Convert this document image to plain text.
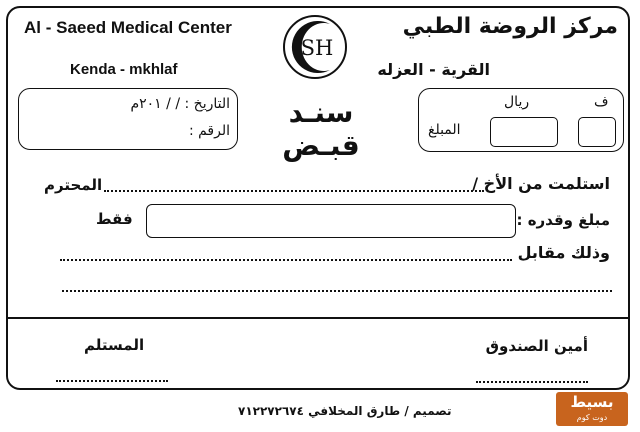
Al - Saeed Medical Center
Kenda - mkhlaf
مركز الروضة الطبي
القرية - العزله
SH
سنـد قبـض
التاريخ : / / ٢٠١م
الرقم :
ف
ريال
المبلغ
استلمت من الأخ /
المحترم
مبلغ وقدره :
فقط
وذلك مقابل
أمين الصندوق
المستلم
تصميم / طارق المخلافي ٧١٢٢٧٢٦٧٤	بسيط
دوت كوم
